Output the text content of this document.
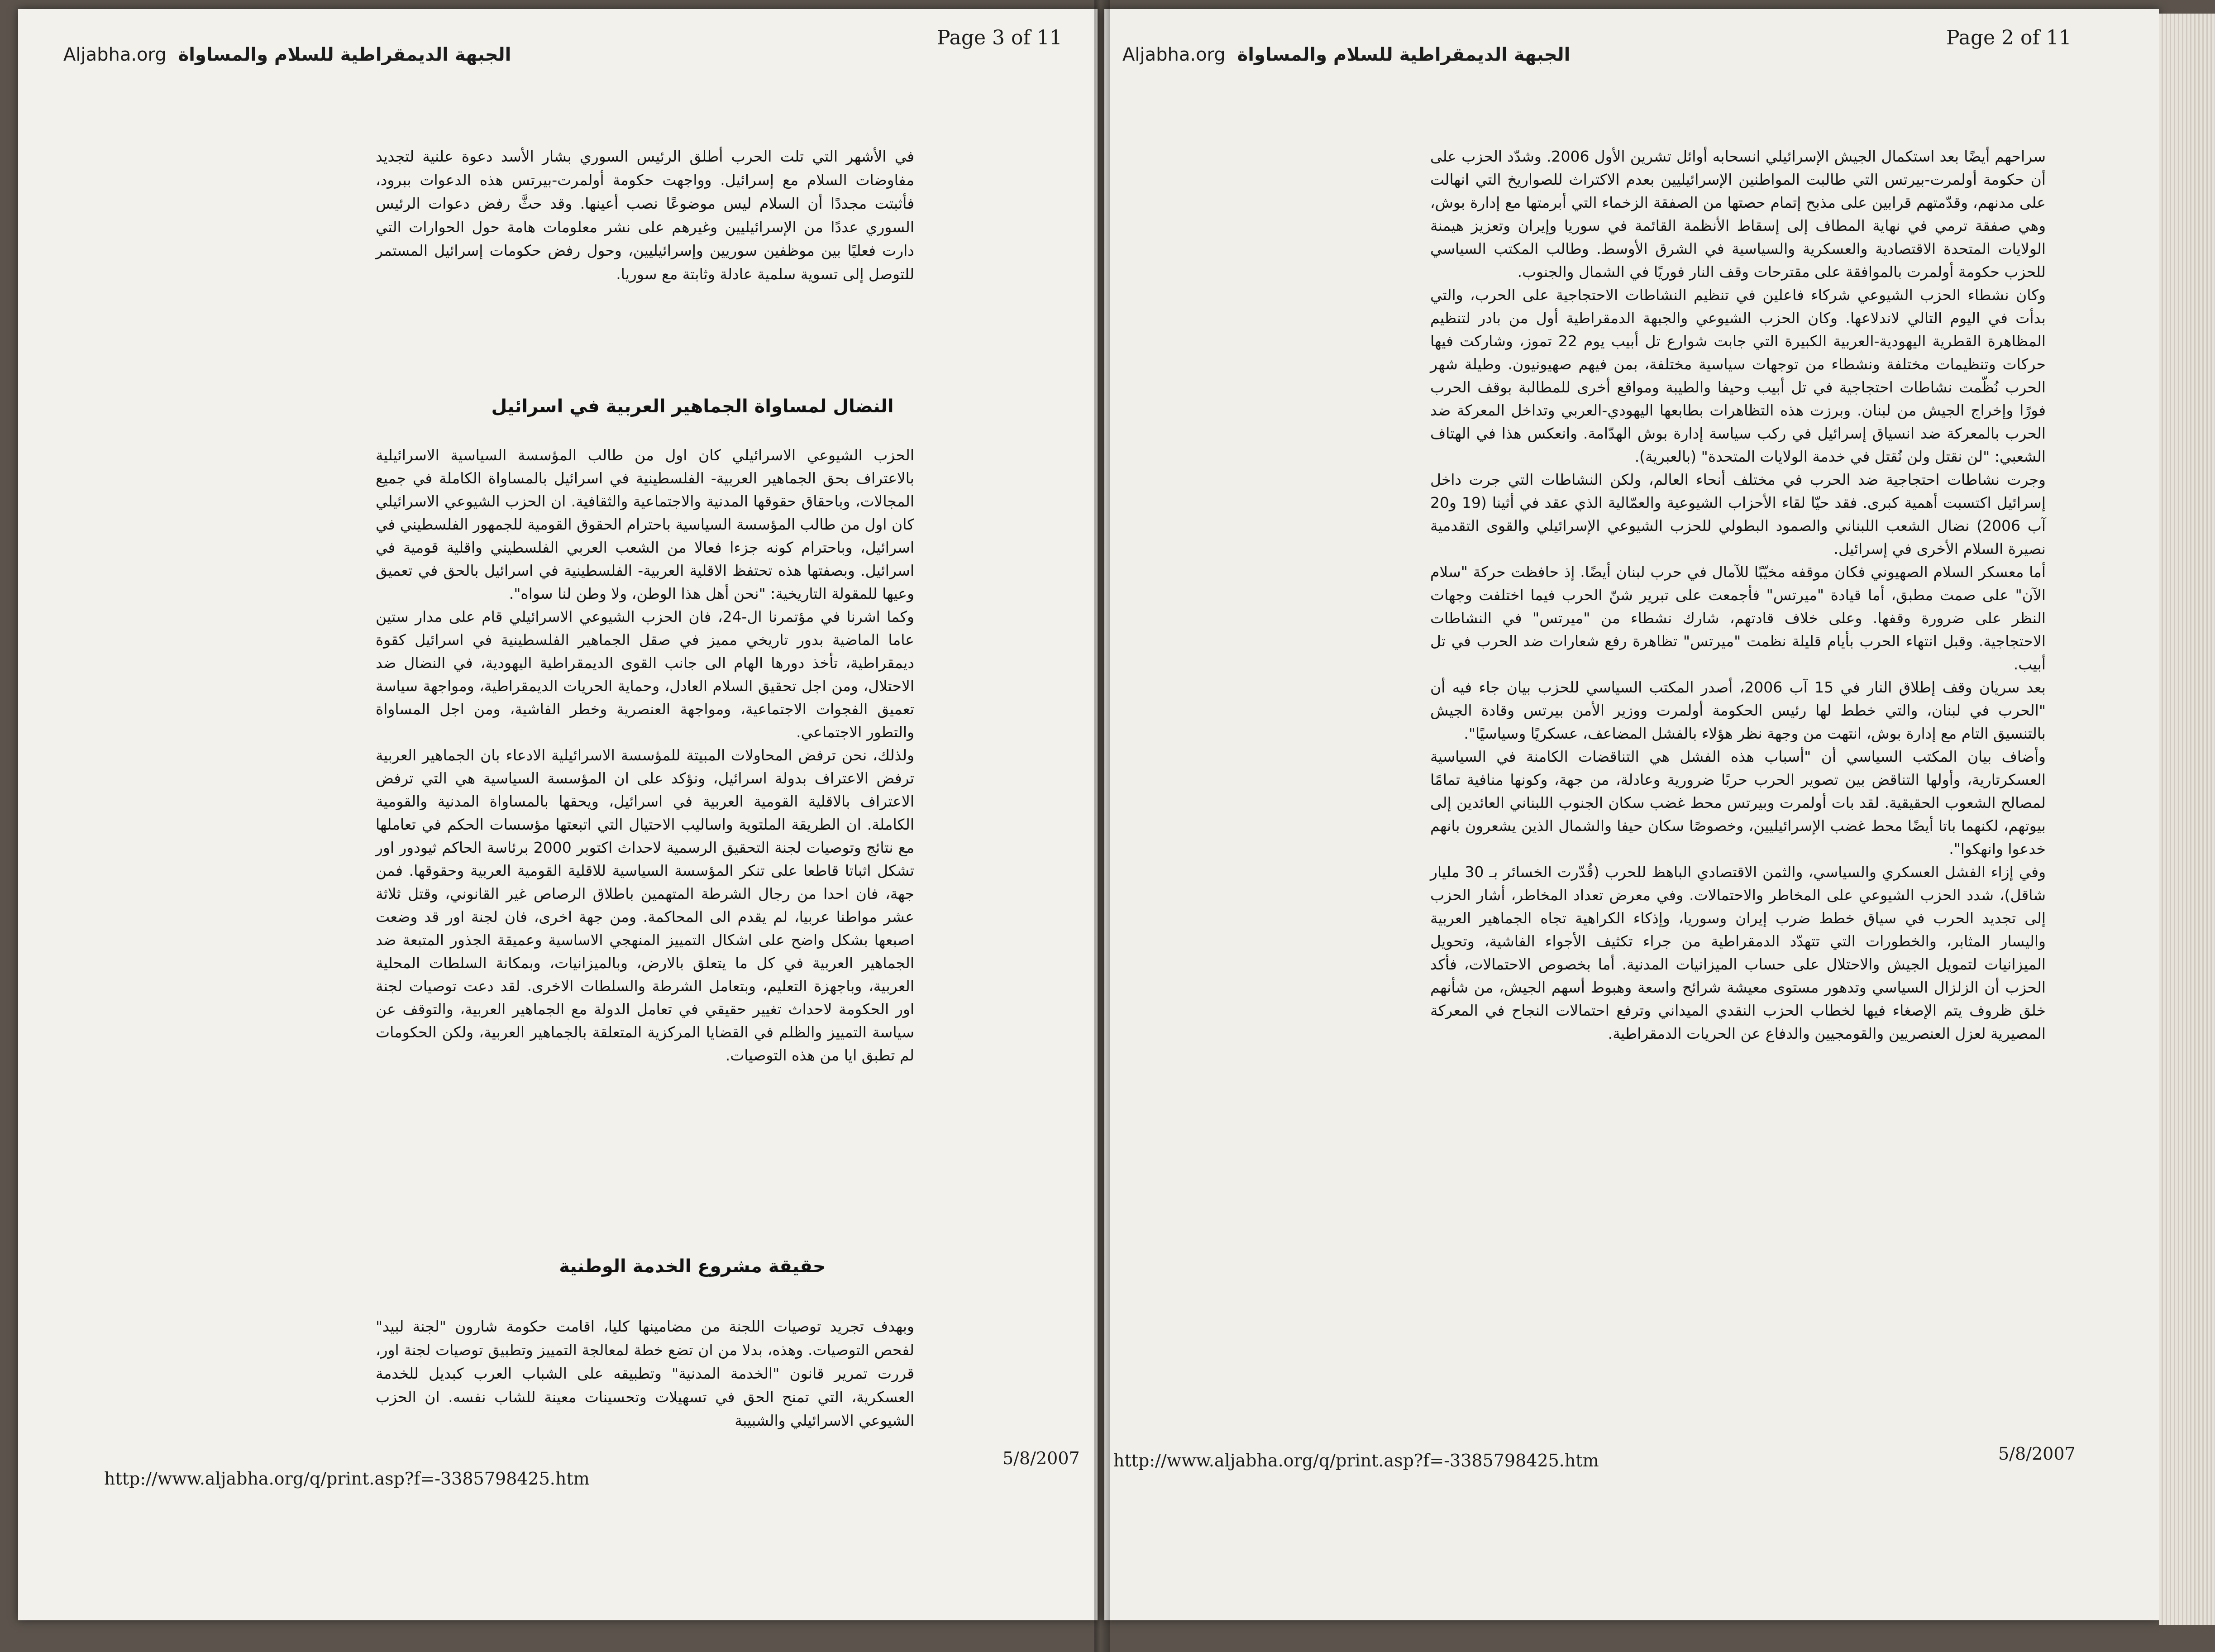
Page 3 of 11
Aljabha.org الجبهة الديمقراطية للسلام والمساواة

في الأشهر التي تلت الحرب أطلق الرئيس السوري بشار الأسد دعوة علنية لتجديد مفاوضات السلام مع إسرائيل. وواجهت حكومة أولمرت-بيرتس هذه الدعوات ببرود، فأثبتت مجددًا أن السلام ليس موضوعًا نصب أعينها. وقد حثَّ رفض دعوات الرئيس السوري عددًا من الإسرائيليين وغيرهم على نشر معلومات هامة حول الحوارات التي دارت فعليًا بين موظفين سوريين وإسرائيليين، وحول رفض حكومات إسرائيل المستمر للتوصل إلى تسوية سلمية عادلة وثابتة مع سوريا.

النضال لمساواة الجماهير العربية في اسرائيل

الحزب الشيوعي الاسرائيلي كان اول من طالب المؤسسة السياسية الاسرائيلية بالاعتراف بحق الجماهير العربية- الفلسطينية في اسرائيل بالمساواة الكاملة في جميع المجالات، وباحقاق حقوقها المدنية والاجتماعية والثقافية. ان الحزب الشيوعي الاسرائيلي كان اول من طالب المؤسسة السياسية باحترام الحقوق القومية للجمهور الفلسطيني في اسرائيل، وباحترام كونه جزءا فعالا من الشعب العربي الفلسطيني واقلية قومية في اسرائيل. وبصفتها هذه تحتفظ الاقلية العربية- الفلسطينية في اسرائيل بالحق في تعميق وعيها للمقولة التاريخية: "نحن أهل هذا الوطن، ولا وطن لنا سواه".

وكما اشرنا في مؤتمرنا ال-24، فان الحزب الشيوعي الاسرائيلي قام على مدار ستين عاما الماضية بدور تاريخي مميز في صقل الجماهير الفلسطينية في اسرائيل كقوة ديمقراطية، تأخذ دورها الهام الى جانب القوى الديمقراطية اليهودية، في النضال ضد الاحتلال، ومن اجل تحقيق السلام العادل، وحماية الحريات الديمقراطية، ومواجهة سياسة تعميق الفجوات الاجتماعية، ومواجهة العنصرية وخطر الفاشية، ومن اجل المساواة والتطور الاجتماعي.

ولذلك، نحن ترفض المحاولات المبيتة للمؤسسة الاسرائيلية الادعاء بان الجماهير العربية ترفض الاعتراف بدولة اسرائيل، ونؤكد على ان المؤسسة السياسية هي التي ترفض الاعتراف بالاقلية القومية العربية في اسرائيل، ويحقها بالمساواة المدنية والقومية الكاملة. ان الطريقة الملتوية واساليب الاحتيال التي اتبعتها مؤسسات الحكم في تعاملها مع نتائج وتوصيات لجنة التحقيق الرسمية لاحداث اكتوبر 2000 برئاسة الحاكم ثيودور اور تشكل اثباتا قاطعا على تنكر المؤسسة السياسية للاقلية القومية العربية وحقوقها. فمن جهة، فان احدا من رجال الشرطة المتهمين باطلاق الرصاص غير القانوني، وقتل ثلاثة عشر مواطنا عربيا، لم يقدم الى المحاكمة. ومن جهة اخرى، فان لجنة اور قد وضعت اصبعها بشكل واضح على اشكال التمييز المنهجي الاساسية وعميقة الجذور المتبعة ضد الجماهير العربية في كل ما يتعلق بالارض، وبالميزانيات، وبمكانة السلطات المحلية العربية، وباجهزة التعليم، وبتعامل الشرطة والسلطات الاخرى. لقد دعت توصيات لجنة اور الحكومة لاحداث تغيير حقيقي في تعامل الدولة مع الجماهير العربية، والتوقف عن سياسة التمييز والظلم في القضايا المركزية المتعلقة بالجماهير العربية، ولكن الحكومات لم تطبق ايا من هذه التوصيات.

حقيقة مشروع الخدمة الوطنية

وبهدف تجريد توصيات اللجنة من مضامينها كليا، اقامت حكومة شارون "لجنة لبيد" لفحص التوصيات. وهذه، بدلا من ان تضع خطة لمعالجة التمييز وتطبيق توصيات لجنة اور، قررت تمرير قانون "الخدمة المدنية" وتطبيقه على الشباب العرب كبديل للخدمة العسكرية، التي تمنح الحق في تسهيلات وتحسينات معينة للشاب نفسه. ان الحزب الشيوعي الاسرائيلي والشبيبة

5/8/2007
http://www.aljabha.org/q/print.asp?f=-3385798425.htm
Page 2 of 11
Aljabha.org الجبهة الديمقراطية للسلام والمساواة

سراحهم أيضًا بعد استكمال الجيش الإسرائيلي انسحابه أوائل تشرين الأول 2006. وشدّد الحزب على أن حكومة أولمرت-بيرتس التي طالبت المواطنين الإسرائيليين بعدم الاكتراث للصواريخ التي انهالت على مدنهم، وقدّمتهم قرابين على مذبح إتمام حصتها من الصفقة الزخماء التي أبرمتها مع إدارة بوش، وهي صفقة ترمي في نهاية المطاف إلى إسقاط الأنظمة القائمة في سوريا وإيران وتعزيز هيمنة الولايات المتحدة الاقتصادية والعسكرية والسياسية في الشرق الأوسط. وطالب المكتب السياسي للحزب حكومة أولمرت بالموافقة على مقترحات وقف النار فوريًا في الشمال والجنوب.

وكان نشطاء الحزب الشيوعي شركاء فاعلين في تنظيم النشاطات الاحتجاجية على الحرب، والتي بدأت في اليوم التالي لاندلاعها. وكان الحزب الشيوعي والجبهة الدمقراطية أول من بادر لتنظيم المظاهرة القطرية اليهودية-العربية الكبيرة التي جابت شوارع تل أبيب يوم 22 تموز، وشاركت فيها حركات وتنظيمات مختلفة ونشطاء من توجهات سياسية مختلفة، بمن فيهم صهيونيون. وطيلة شهر الحرب نُظّمت نشاطات احتجاجية في تل أبيب وحيفا والطيبة ومواقع أخرى للمطالبة بوقف الحرب فورًا وإخراج الجيش من لبنان. وبرزت هذه التظاهرات بطابعها اليهودي-العربي وتداخل المعركة ضد الحرب بالمعركة ضد انسياق إسرائيل في ركب سياسة إدارة بوش الهدّامة. وانعكس هذا في الهتاف الشعبي: "لن نقتل ولن نُقتل في خدمة الولايات المتحدة" (بالعبرية).

وجرت نشاطات احتجاجية ضد الحرب في مختلف أنحاء العالم، ولكن النشاطات التي جرت داخل إسرائيل اكتسبت أهمية كبرى. فقد حيّا لقاء الأحزاب الشيوعية والعمّالية الذي عقد في أثينا (19 و20 آب 2006) نضال الشعب اللبناني والصمود البطولي للحزب الشيوعي الإسرائيلي والقوى التقدمية نصيرة السلام الأخرى في إسرائيل.

أما معسكر السلام الصهيوني فكان موقفه مخيّبًا للآمال في حرب لبنان أيضًا. إذ حافظت حركة "سلام الآن" على صمت مطبق، أما قيادة "ميرتس" فأجمعت على تبرير شنّ الحرب فيما اختلفت وجهات النظر على ضرورة وقفها. وعلى خلاف قادتهم، شارك نشطاء من "ميرتس" في النشاطات الاحتجاجية. وقبل انتهاء الحرب بأيام قليلة نظمت "ميرتس" تظاهرة رفع شعارات ضد الحرب في تل أبيب.

بعد سريان وقف إطلاق النار في 15 آب 2006، أصدر المكتب السياسي للحزب بيان جاء فيه أن "الحرب في لبنان، والتي خطط لها رئيس الحكومة أولمرت ووزير الأمن بيرتس وقادة الجيش بالتنسيق التام مع إدارة بوش، انتهت من وجهة نظر هؤلاء بالفشل المضاعف، عسكريًا وسياسيًا".

وأضاف بيان المكتب السياسي أن "أسباب هذه الفشل هي التناقضات الكامنة في السياسية العسكرتارية، وأولها التناقض بين تصوير الحرب حربًا ضرورية وعادلة، من جهة، وكونها منافية تمامًا لمصالح الشعوب الحقيقية. لقد بات أولمرت وبيرتس محط غضب سكان الجنوب اللبناني العائدين إلى بيوتهم، لكنهما باتا أيضًا محط غضب الإسرائيليين، وخصوصًا سكان حيفا والشمال الذين يشعرون بانهم خدعوا وانهكوا".

وفي إزاء الفشل العسكري والسياسي، والثمن الاقتصادي الباهظ للحرب (قُدّرت الخسائر بـ 30 مليار شاقل)، شدد الحزب الشيوعي على المخاطر والاحتمالات. وفي معرض تعداد المخاطر، أشار الحزب إلى تجديد الحرب في سياق خطط ضرب إيران وسوريا، وإذكاء الكراهية تجاه الجماهير العربية واليسار المثابر، والخطورات التي تتهدّد الدمقراطية من جراء تكثيف الأجواء الفاشية، وتحويل الميزانيات لتمويل الجيش والاحتلال على حساب الميزانيات المدنية. أما بخصوص الاحتمالات، فأكد الحزب أن الزلزال السياسي وتدهور مستوى معيشة شرائح واسعة وهبوط أسهم الجيش، من شأنهم خلق ظروف يتم الإصغاء فيها لخطاب الحزب النقدي الميداني وترفع احتمالات النجاح في المعركة المصيرية لعزل العنصريين والقومجيين والدفاع عن الحريات الدمقراطية.

5/8/2007
http://www.aljabha.org/q/print.asp?f=-3385798425.htm
